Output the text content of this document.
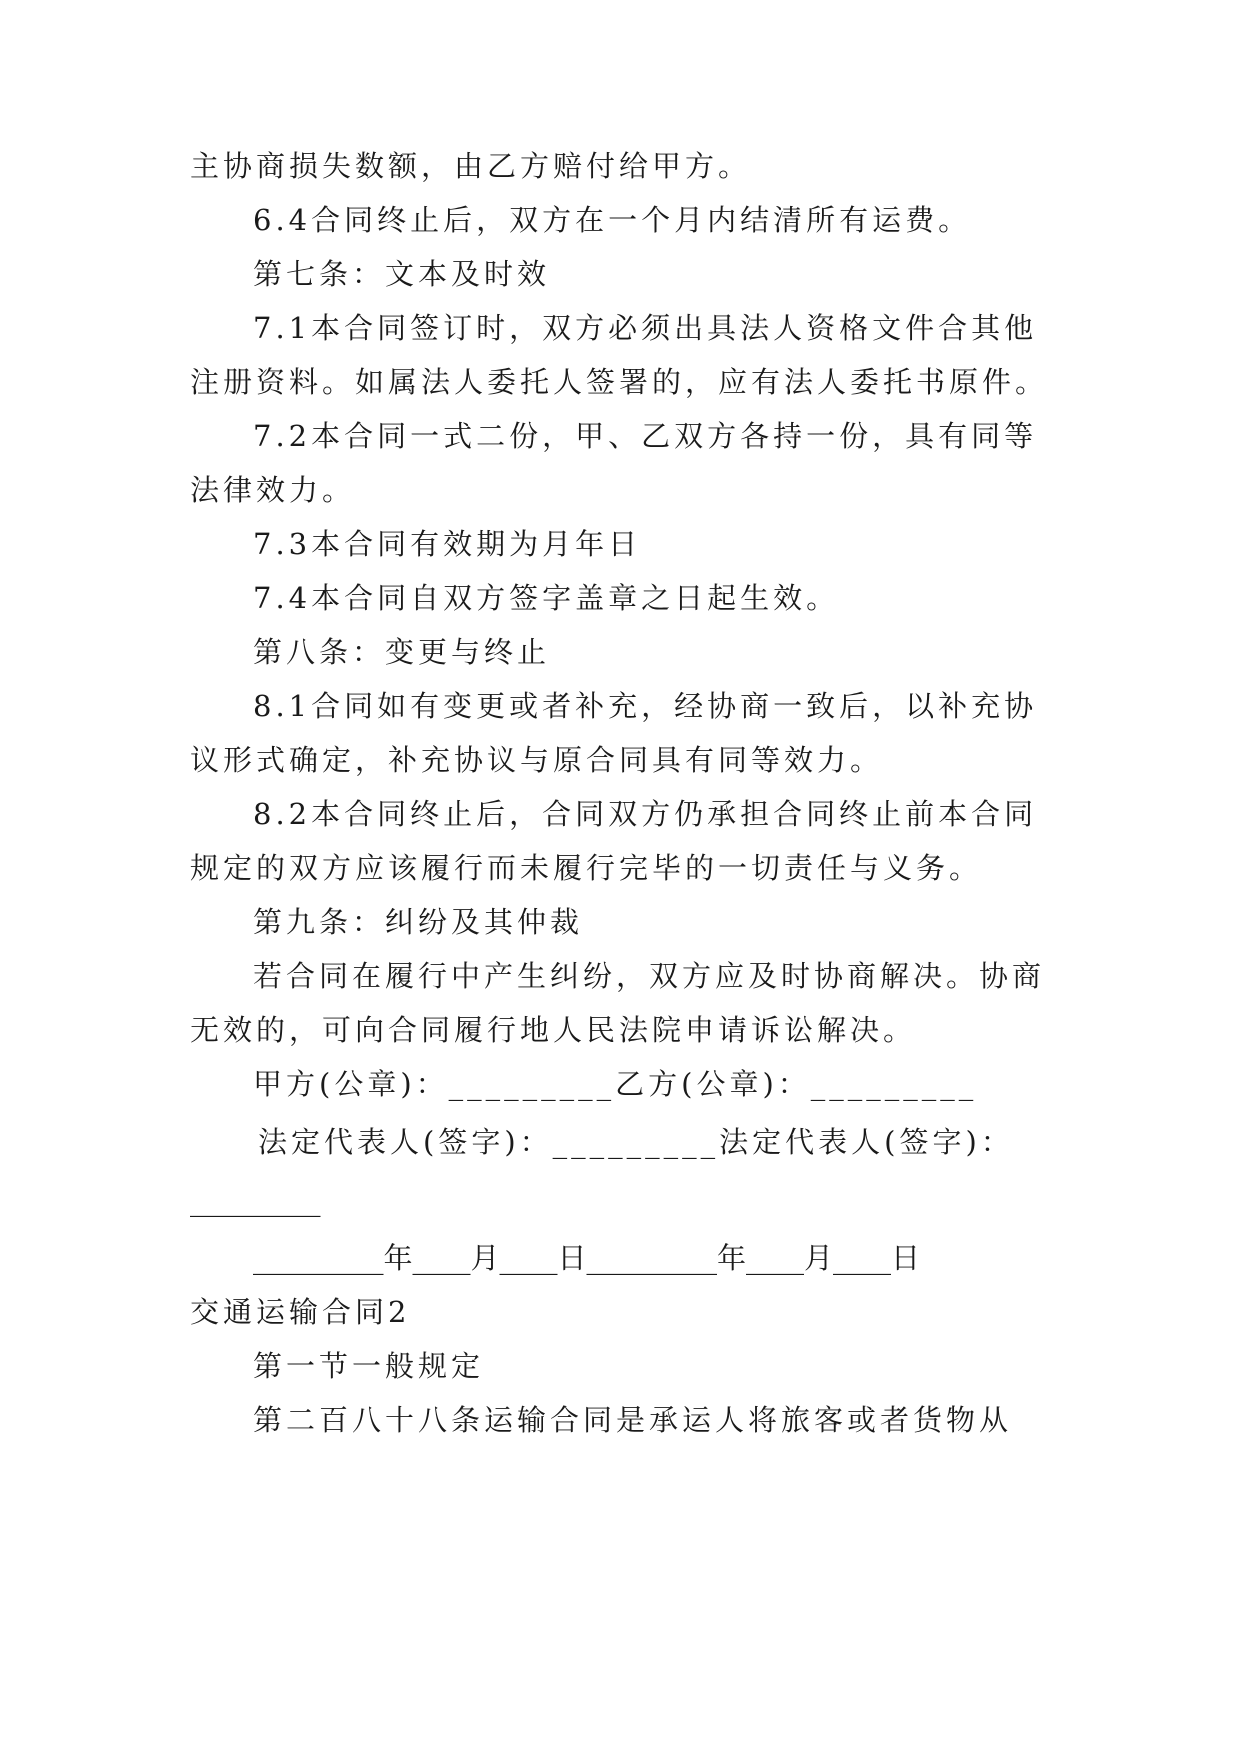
主协商损失数额，由乙方赔付给甲方。
6.4合同终止后，双方在一个月内结清所有运费。
第七条：文本及时效
7.1本合同签订时，双方必须出具法人资格文件合其他
注册资料。如属法人委托人签署的，应有法人委托书原件。
7.2本合同一式二份，甲、乙双方各持一份，具有同等
法律效力。
7.3本合同有效期为月年日
7.4本合同自双方签字盖章之日起生效。
第八条：变更与终止
8.1合同如有变更或者补充，经协商一致后，以补充协
议形式确定，补充协议与原合同具有同等效力。
8.2本合同终止后，合同双方仍承担合同终止前本合同
规定的双方应该履行而未履行完毕的一切责任与义务。
第九条：纠纷及其仲裁
若合同在履行中产生纠纷，双方应及时协商解决。协商
无效的，可向合同履行地人民法院申请诉讼解决。
甲方(公章)：_________乙方(公章)：_________
法定代表人(签字)：_________法定代表人(签字)：
_________
_________年____月____日_________年____月____日
交通运输合同2
第一节一般规定
第二百八十八条运输合同是承运人将旅客或者货物从
